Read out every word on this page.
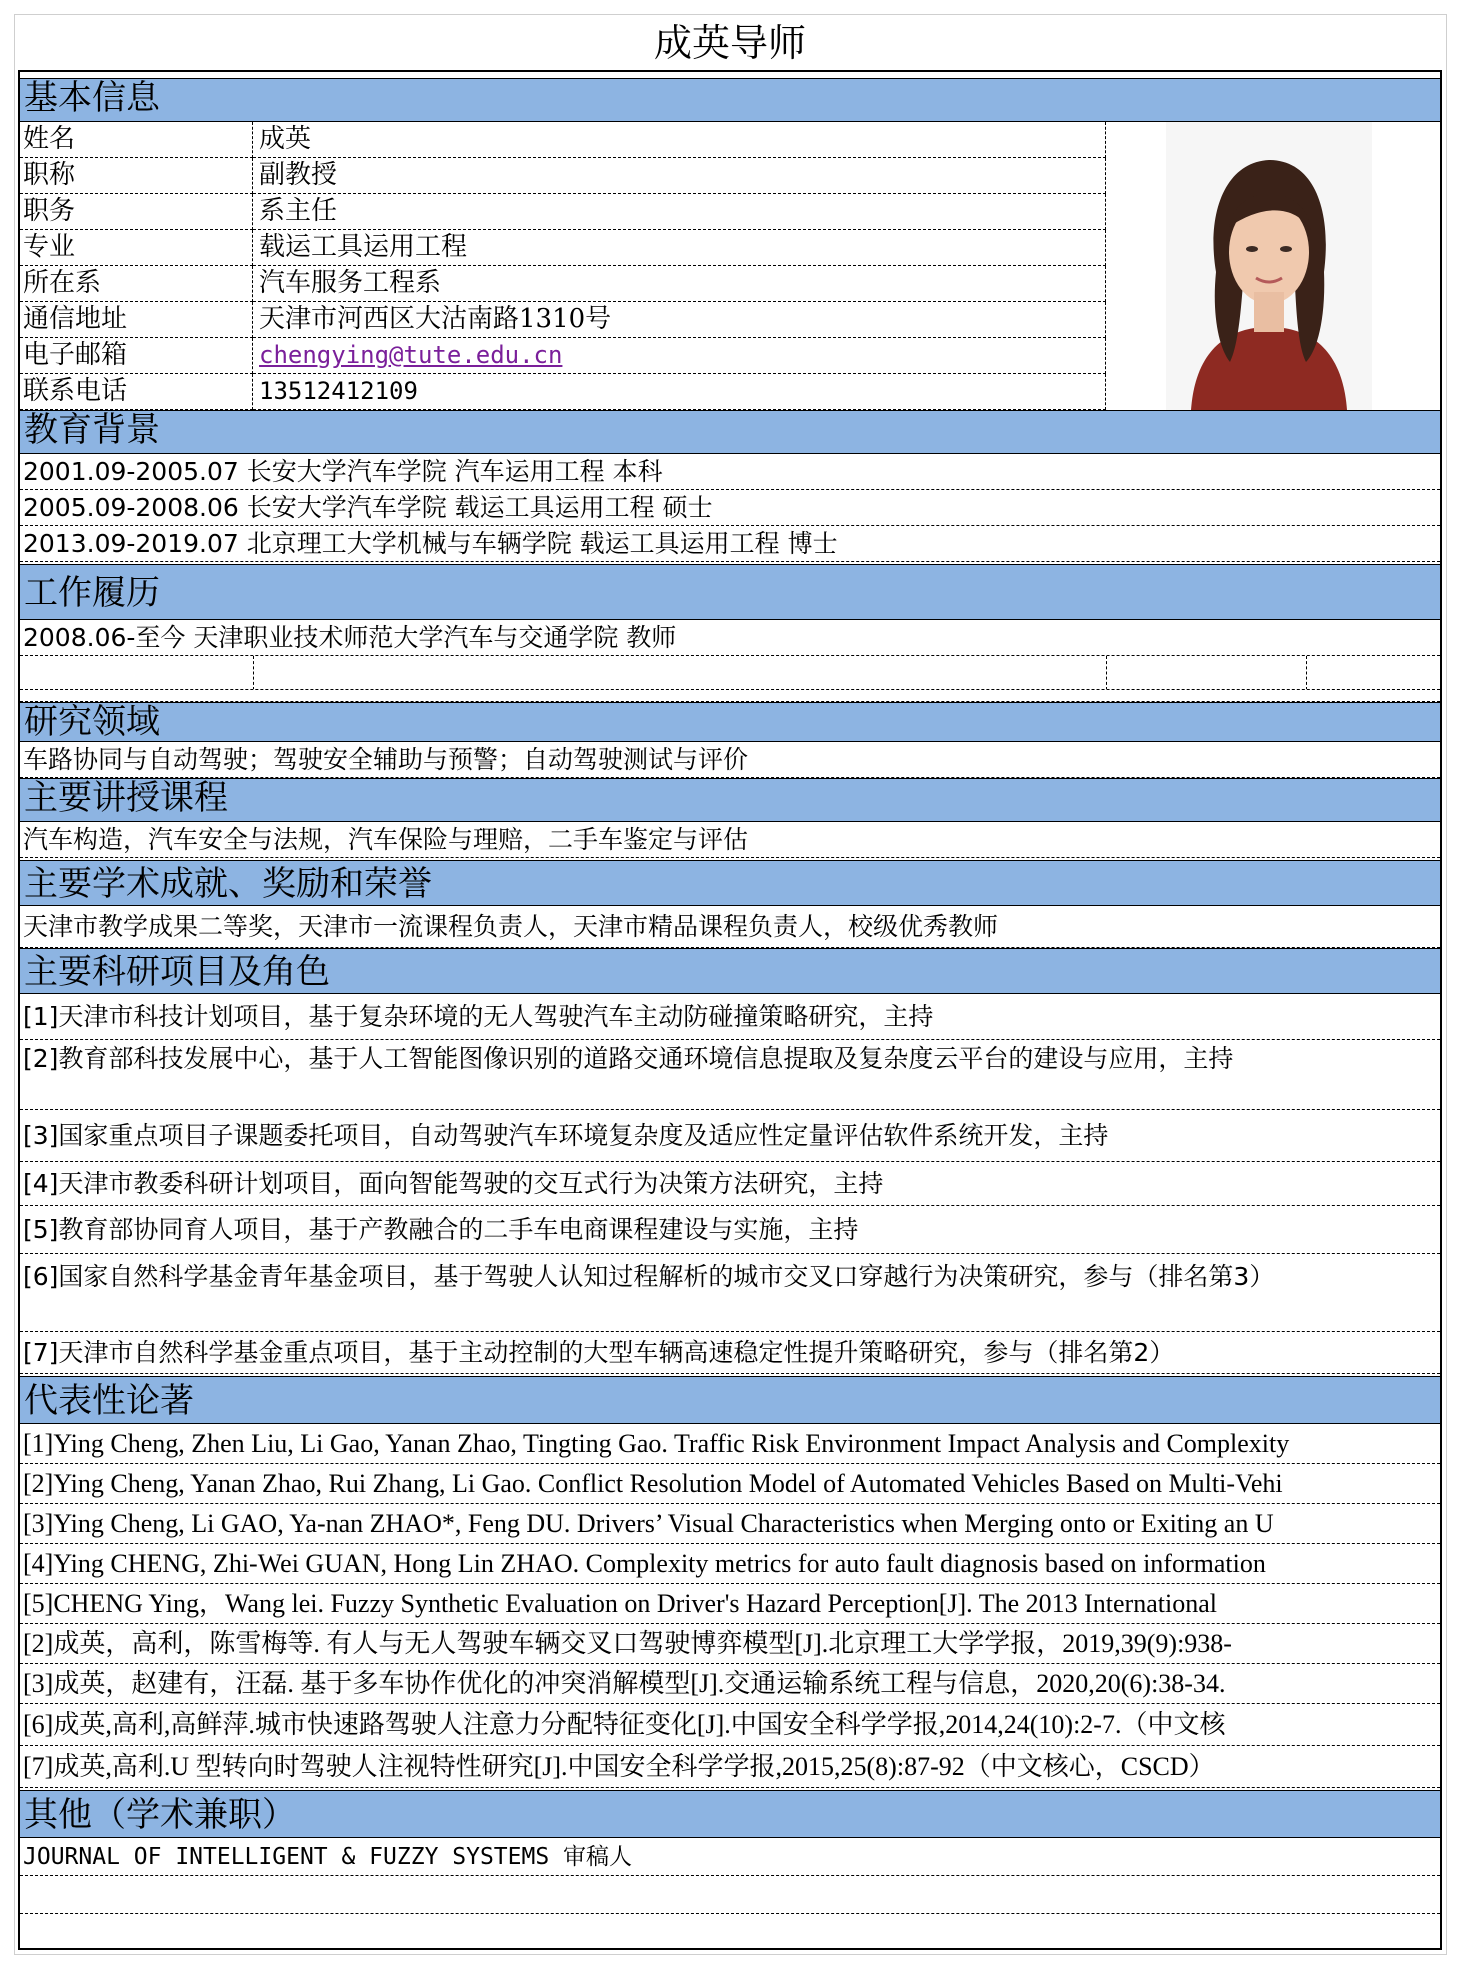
成英导师
基本信息
姓名	成英
职称	副教授
职务	系主任
专业	载运工具运用工程
所在系	汽车服务工程系
通信地址	天津市河西区大沽南路1310号
电子邮箱	chengying@tute.edu.cn
联系电话	13512412109
教育背景
2001.09-2005.07 长安大学汽车学院 汽车运用工程 本科
2005.09-2008.06 长安大学汽车学院 载运工具运用工程 硕士
2013.09-2019.07 北京理工大学机械与车辆学院 载运工具运用工程 博士
工作履历
2008.06-至今 天津职业技术师范大学汽车与交通学院 教师
研究领域
车路协同与自动驾驶；驾驶安全辅助与预警；自动驾驶测试与评价
主要讲授课程
汽车构造，汽车安全与法规，汽车保险与理赔，二手车鉴定与评估
主要学术成就、奖励和荣誉
天津市教学成果二等奖，天津市一流课程负责人，天津市精品课程负责人，校级优秀教师
主要科研项目及角色
[1]天津市科技计划项目，基于复杂环境的无人驾驶汽车主动防碰撞策略研究，主持
[2]教育部科技发展中心，基于人工智能图像识别的道路交通环境信息提取及复杂度云平台的建设与应用，主持
[3]国家重点项目子课题委托项目，自动驾驶汽车环境复杂度及适应性定量评估软件系统开发，主持
[4]天津市教委科研计划项目，面向智能驾驶的交互式行为决策方法研究，主持
[5]教育部协同育人项目，基于产教融合的二手车电商课程建设与实施，主持
[6]国家自然科学基金青年基金项目，基于驾驶人认知过程解析的城市交叉口穿越行为决策研究，参与（排名第3）
[7]天津市自然科学基金重点项目，基于主动控制的大型车辆高速稳定性提升策略研究，参与（排名第2）
代表性论著
[1]Ying Cheng, Zhen Liu, Li Gao, Yanan Zhao, Tingting Gao. Traffic Risk Environment Impact Analysis and Complexity
[2]Ying Cheng, Yanan Zhao, Rui Zhang, Li Gao. Conflict Resolution Model of Automated Vehicles Based on Multi-Vehi
[3]Ying Cheng, Li GAO, Ya-nan ZHAO*, Feng DU. Drivers’ Visual Characteristics when Merging onto or Exiting an U
[4]Ying CHENG, Zhi-Wei GUAN, Hong Lin ZHAO. Complexity metrics for auto fault diagnosis based on information
[5]CHENG Ying，Wang lei. Fuzzy Synthetic Evaluation on Driver's Hazard Perception[J]. The 2013 International
[2]成英，高利，陈雪梅等. 有人与无人驾驶车辆交叉口驾驶博弈模型[J].北京理工大学学报，2019,39(9):938-
[3]成英，赵建有，汪磊. 基于多车协作优化的冲突消解模型[J].交通运输系统工程与信息，2020,20(6):38-34.
[6]成英,高利,高鲜萍.城市快速路驾驶人注意力分配特征变化[J].中国安全科学学报,2014,24(10):2-7.（中文核
[7]成英,高利.U 型转向时驾驶人注视特性研究[J].中国安全科学学报,2015,25(8):87-92（中文核心，CSCD）
其他（学术兼职）
JOURNAL OF INTELLIGENT & FUZZY SYSTEMS 审稿人
